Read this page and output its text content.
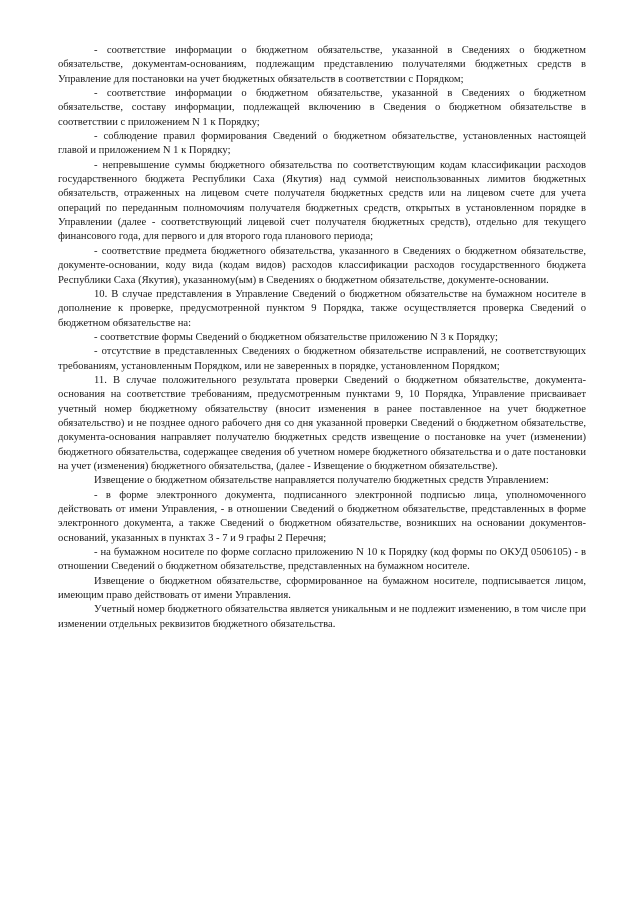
- соответствие информации о бюджетном обязательстве, указанной в Сведениях о бюджетном обязательстве, документам-основаниям, подлежащим представлению получателями бюджетных средств в Управление для постановки на учет бюджетных обязательств в соответствии с Порядком;

- соответствие информации о бюджетном обязательстве, указанной в Сведениях о бюджетном обязательстве, составу информации, подлежащей включению в Сведения о бюджетном обязательстве в соответствии с приложением N 1 к Порядку;

- соблюдение правил формирования Сведений о бюджетном обязательстве, установленных настоящей главой и приложением N 1 к Порядку;

- непревышение суммы бюджетного обязательства по соответствующим кодам классификации расходов государственного бюджета Республики Саха (Якутия) над суммой неиспользованных лимитов бюджетных обязательств, отраженных на лицевом счете получателя бюджетных средств или на лицевом счете для учета операций по переданным полномочиям получателя бюджетных средств, открытых в установленном порядке в Управлении (далее - соответствующий лицевой счет получателя бюджетных средств), отдельно для текущего финансового года, для первого и для второго года планового периода;

- соответствие предмета бюджетного обязательства, указанного в Сведениях о бюджетном обязательстве, документе-основании, коду вида (кодам видов) расходов классификации расходов государственного бюджета Республики Саха (Якутия), указанному(ым) в Сведениях о бюджетном обязательстве, документе-основании.

10. В случае представления в Управление Сведений о бюджетном обязательстве на бумажном носителе в дополнение к проверке, предусмотренной пунктом 9 Порядка, также осуществляется проверка Сведений о бюджетном обязательстве на:

- соответствие формы Сведений о бюджетном обязательстве приложению N 3 к Порядку;

- отсутствие в представленных Сведениях о бюджетном обязательстве исправлений, не соответствующих требованиям, установленным Порядком, или не заверенных в порядке, установленном Порядком;

11. В случае положительного результата проверки Сведений о бюджетном обязательстве, документа-основания на соответствие требованиям, предусмотренным пунктами 9, 10 Порядка, Управление присваивает учетный номер бюджетному обязательству (вносит изменения в ранее поставленное на учет бюджетное обязательство) и не позднее одного рабочего дня со дня указанной проверки Сведений о бюджетном обязательстве, документа-основания направляет получателю бюджетных средств извещение о постановке на учет (изменении) бюджетного обязательства, содержащее сведения об учетном номере бюджетного обязательства и о дате постановки на учет (изменения) бюджетного обязательства, (далее - Извещение о бюджетном обязательстве).

Извещение о бюджетном обязательстве направляется получателю бюджетных средств Управлением:

- в форме электронного документа, подписанного электронной подписью лица, уполномоченного действовать от имени Управления, - в отношении Сведений о бюджетном обязательстве, представленных в форме электронного документа, а также Сведений о бюджетном обязательстве, возникших на основании документов-оснований, указанных в пунктах 3 - 7 и 9 графы 2 Перечня;

- на бумажном носителе по форме согласно приложению N 10 к Порядку (код формы по ОКУД 0506105) - в отношении Сведений о бюджетном обязательстве, представленных на бумажном носителе.

Извещение о бюджетном обязательстве, сформированное на бумажном носителе, подписывается лицом, имеющим право действовать от имени Управления.

Учетный номер бюджетного обязательства является уникальным и не подлежит изменению, в том числе при изменении отдельных реквизитов бюджетного обязательства.
